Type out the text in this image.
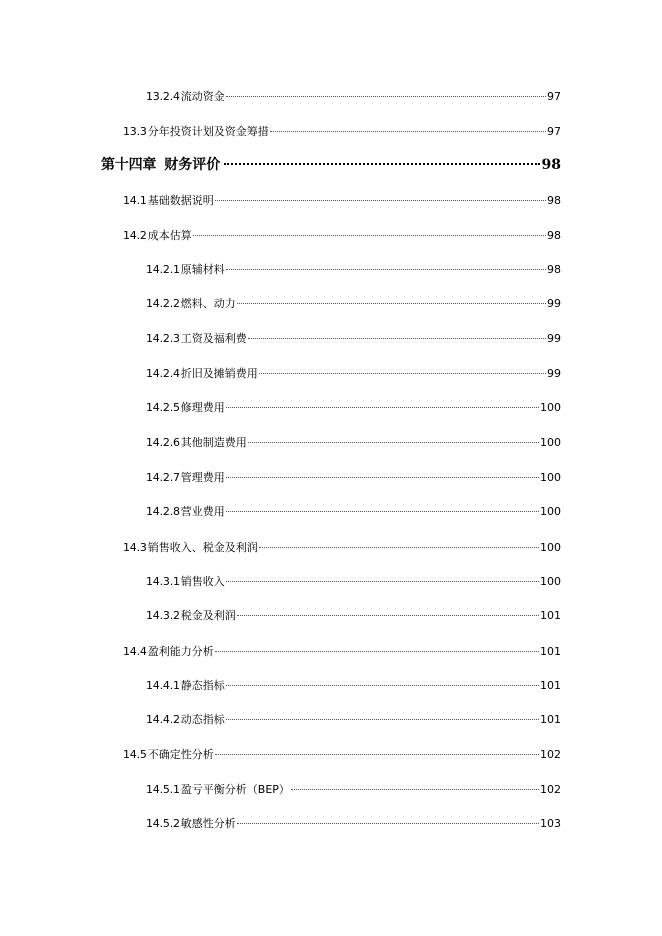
13.2.4 流动资金	97
13.3 分年投资计划及资金筹措	97
第十四章 财务评价	98
14.1 基础数据说明	98
14.2 成本估算	98
14.2.1 原辅材料	98
14.2.2 燃料、动力	99
14.2.3 工资及福利费	99
14.2.4 折旧及摊销费用	99
14.2.5 修理费用	100
14.2.6 其他制造费用	100
14.2.7 管理费用	100
14.2.8 营业费用	100
14.3 销售收入、税金及利润	100
14.3.1 销售收入	100
14.3.2 税金及利润	101
14.4 盈利能力分析	101
14.4.1 静态指标	101
14.4.2 动态指标	101
14.5 不确定性分析	102
14.5.1 盈亏平衡分析（BEP）	102
14.5.2 敏感性分析	103
